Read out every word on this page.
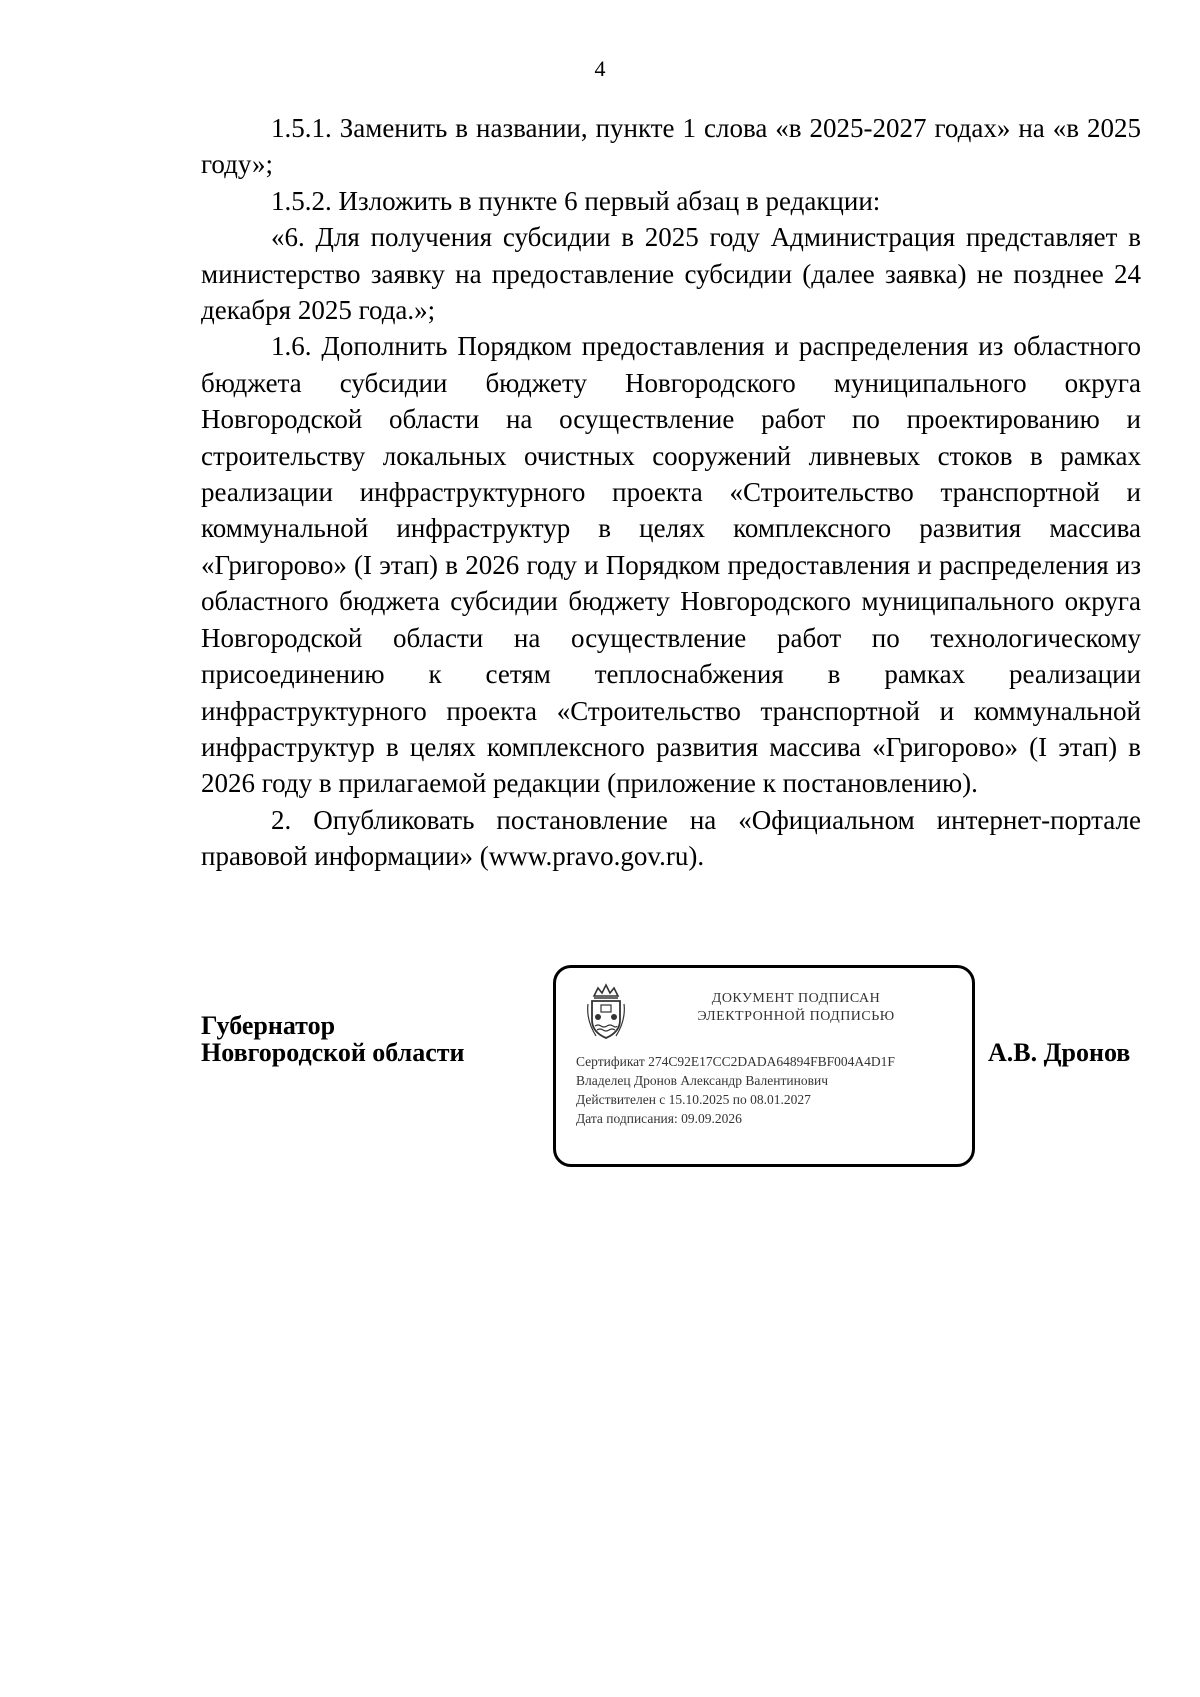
4

1.5.1. Заменить в названии, пункте 1 слова «в 2025-2027 годах» на «в 2025 году»;

1.5.2. Изложить в пункте 6 первый абзац в редакции:

«6. Для получения субсидии в 2025 году Администрация представляет в министерство заявку на предоставление субсидии (далее заявка) не позднее 24 декабря 2025 года.»;

1.6. Дополнить Порядком предоставления и распределения из областного бюджета субсидии бюджету Новгородского муниципального округа Новгородской области на осуществление работ по проектированию и строительству локальных очистных сооружений ливневых стоков в рамках реализации инфраструктурного проекта «Строительство транспортной и коммунальной инфраструктур в целях комплексного развития массива «Григорово» (I этап) в 2026 году и Порядком предоставления и распределения из областного бюджета субсидии бюджету Новгородского муниципального округа Новгородской области на осуществление работ по технологическому присоединению к сетям теплоснабжения в рамках реализации инфраструктурного проекта «Строительство транспортной и коммунальной инфраструктур в целях комплексного развития массива «Григорово» (I этап) в 2026 году в прилагаемой редакции (приложение к постановлению).

2. Опубликовать постановление на «Официальном интернет-портале правовой информации» (www.pravo.gov.ru).

Губернатор
Новгородской области
ДОКУМЕНТ ПОДПИСАН
ЭЛЕКТРОННОЙ ПОДПИСЬЮ
Сертификат 274C92E17CC2DADA64894FBF004A4D1F
Владелец Дронов Александр Валентинович
Действителен с 15.10.2025 по 08.01.2027
Дата подписания: 09.09.2026
А.В. Дронов
